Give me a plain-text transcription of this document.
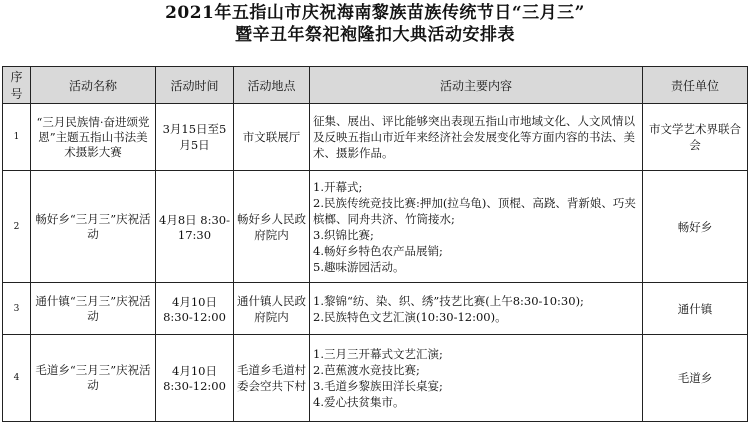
2021年五指山市庆祝海南黎族苗族传统节日“三月三”
暨辛丑年祭祀袍隆扣大典活动安排表
序号	活动名称	活动时间	活动地点	活动主要内容	责任单位
1	“三月民族情·奋进颂党恩”主题五指山书法美术摄影大赛	3月15日至5月5日	市文联展厅	征集、展出、评比能够突出表现五指山市地域文化、人文风情以及反映五指山市近年来经济社会发展变化等方面内容的书法、美术、摄影作品。	市文学艺术界联合会
2	畅好乡“三月三”庆祝活动	4月8日 8:30-17:30	畅好乡人民政府院内	1.开幕式;
2.民族传统竞技比赛:押加(拉乌龟)、顶棍、高跷、背新娘、巧夹槟榔、同舟共济、竹筒接水;
3.织锦比赛;
4.畅好乡特色农产品展销;
5.趣味游园活动。	畅好乡
3	通什镇“三月三”庆祝活动	4月10日 8:30-12:00	通什镇人民政府院内	1.黎锦“纺、染、织、绣”技艺比赛(上午8:30-10:30);
2.民族特色文艺汇演(10:30-12:00)。	通什镇
4	毛道乡“三月三”庆祝活动	4月10日 8:30-12:00	毛道乡毛道村委会空共下村	1.三月三开幕式文艺汇演;
2.芭蕉渡水竞技比赛;
3.毛道乡黎族田洋长桌宴;
4.爱心扶贫集市。	毛道乡
